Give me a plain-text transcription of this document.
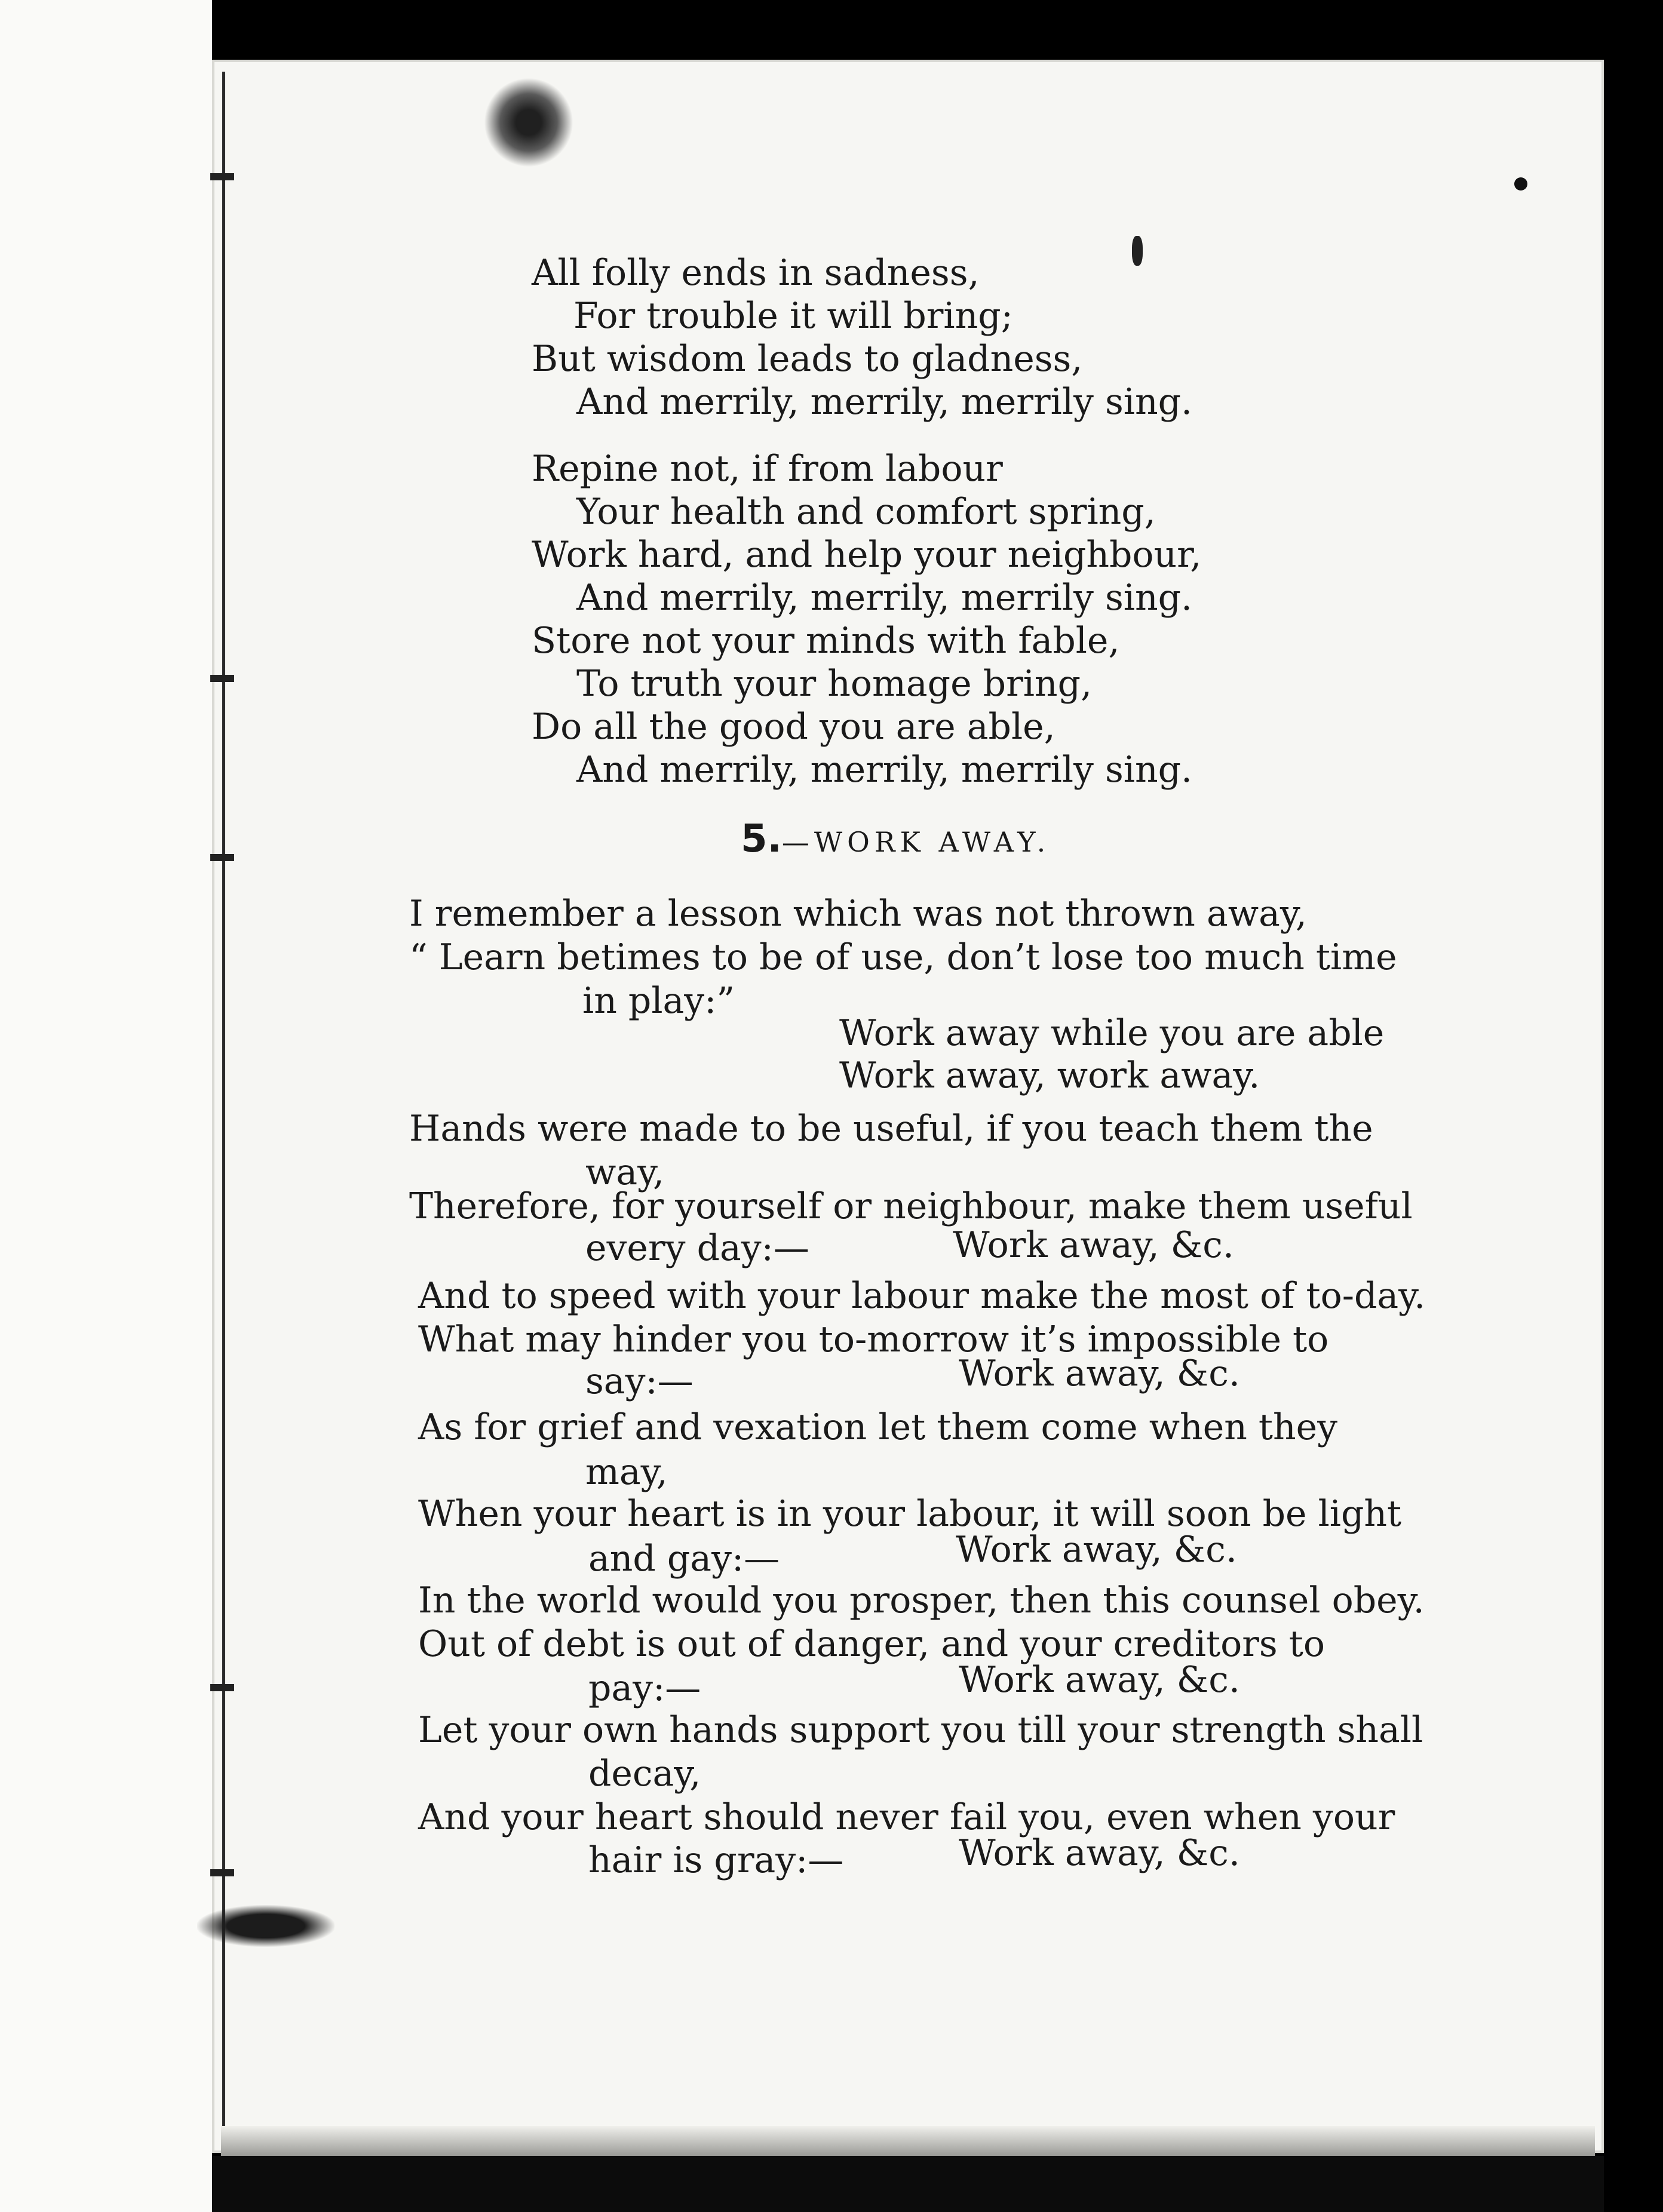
All folly ends in sadness,

For trouble it will bring;

But wisdom leads to gladness,

And merrily, merrily, merrily sing.

Repine not, if from labour

Your health and comfort spring,

Work hard, and help your neighbour,

And merrily, merrily, merrily sing.

Store not your minds with fable,

To truth your homage bring,

Do all the good you are able,

And merrily, merrily, merrily sing.

5.—WORK AWAY.

I remember a lesson which was not thrown away,

“ Learn betimes to be of use, don’t lose too much time

in play:”

Work away while you are able

Work away, work away.

Hands were made to be useful, if you teach them the

way,

Therefore, for yourself or neighbour, make them useful

every day:—	Work away, &c.

And to speed with your labour make the most of to-day.

What may hinder you to-morrow it’s impossible to

say:—	Work away, &c.

As for grief and vexation let them come when they

may,

When your heart is in your labour, it will soon be light

and gay:—	Work away, &c.

In the world would you prosper, then this counsel obey.

Out of debt is out of danger, and your creditors to

pay:—	Work away, &c.

Let your own hands support you till your strength shall

decay,

And your heart should never fail you, even when your

hair is gray:—	Work away, &c.
